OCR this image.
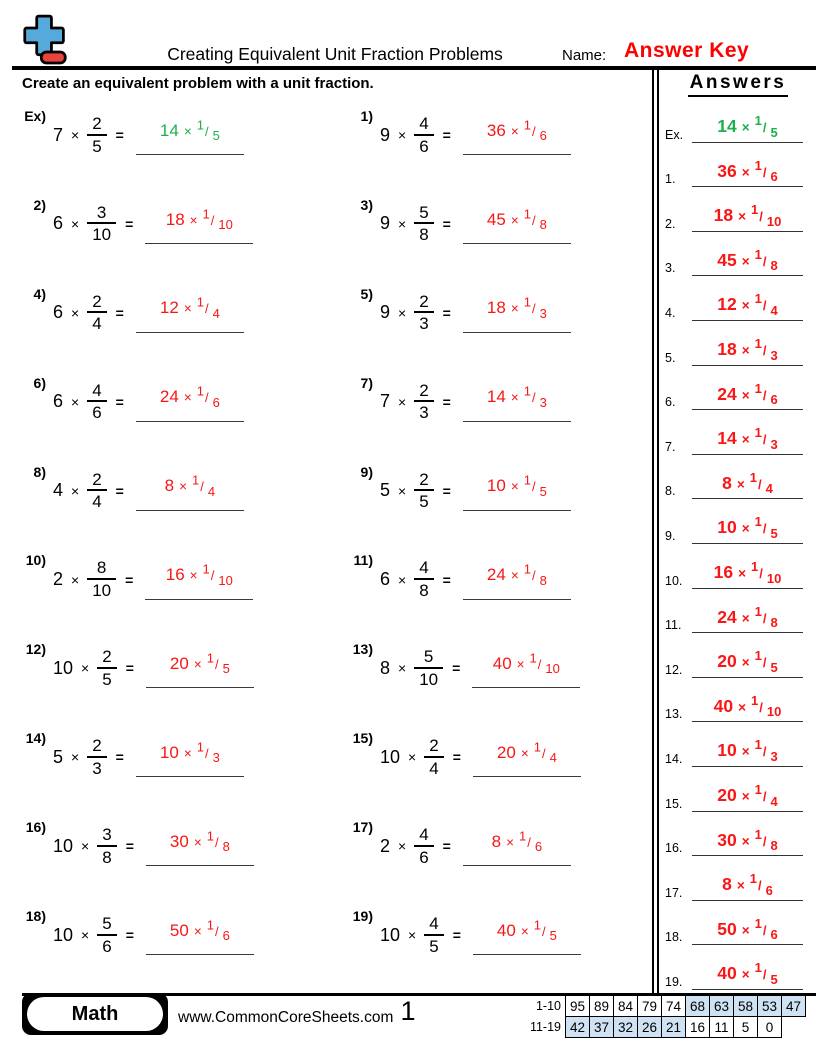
Creating Equivalent Unit Fraction Problems	Name: Answer Key
Create an equivalent problem with a unit fraction.
Ex)
$7 \times \frac{2}{5}$ =	14 × $^1$/ $_5$
1)
$9 \times \frac{4}{6}$ =	36 × $^1$/ $_6$
2)
$6 \times \frac{3}{10}$ =	18 × $^1$/ $_{10}$
3)
$9 \times \frac{5}{8}$ =	45 × $^1$/ $_8$
4)
$6 \times \frac{2}{4}$ =	12 × $^1$/ $_4$
5)
$9 \times \frac{2}{3}$ =	18 × $^1$/ $_3$
6)
$6 \times \frac{4}{6}$ =	24 × $^1$/ $_6$
7)
$7 \times \frac{2}{3}$ =	14 × $^1$/ $_3$
8)
$4 \times \frac{2}{4}$ =	8 × $^1$/ $_4$
9)
$5 \times \frac{2}{5}$ =	10 × $^1$/ $_5$
10)
$2 \times \frac{8}{10}$ =	16 × $^1$/ $_{10}$
11)
$6 \times \frac{4}{8}$ =	24 × $^1$/ $_8$
12)
$10 \times \frac{2}{5}$ =	20 × $^1$/ $_5$
13)
$8 \times \frac{5}{10}$ =	40 × $^1$/ $_{10}$
14)
$5 \times \frac{2}{3}$ =	10 × $^1$/ $_3$
15)
$10 \times \frac{2}{4}$ =	20 × $^1$/ $_4$
16)
$10 \times \frac{3}{8}$ =	30 × $^1$/ $_8$
17)
$2 \times \frac{4}{6}$ =	8 × $^1$/ $_6$
18)
$10 \times \frac{5}{6}$ =	50 × $^1$/ $_6$
19)
$10 \times \frac{4}{5}$ =	40 × $^1$/ $_5$
Answers
Ex.	14 × $^1$/ $_5$
1.	36 × $^1$/ $_6$
2.	18 × $^1$/ $_{10}$
3.	45 × $^1$/ $_8$
4.	12 × $^1$/ $_4$
5.	18 × $^1$/ $_3$
6.	24 × $^1$/ $_6$
7.	14 × $^1$/ $_3$
8.	8 × $^1$/ $_4$
9.	10 × $^1$/ $_5$
10.	16 × $^1$/ $_{10}$
11.	24 × $^1$/ $_8$
12.	20 × $^1$/ $_5$
13.	40 × $^1$/ $_{10}$
14.	10 × $^1$/ $_3$
15.	20 × $^1$/ $_4$
16.	30 × $^1$/ $_8$
17.	8 × $^1$/ $_6$
18.	50 × $^1$/ $_6$
19.	40 × $^1$/ $_5$
Math	www.CommonCoreSheets.com 1	1-10 95 89 84 79 74 68 63 58 53 47
11-19 42 37 32 26 21 16 11 5	0
